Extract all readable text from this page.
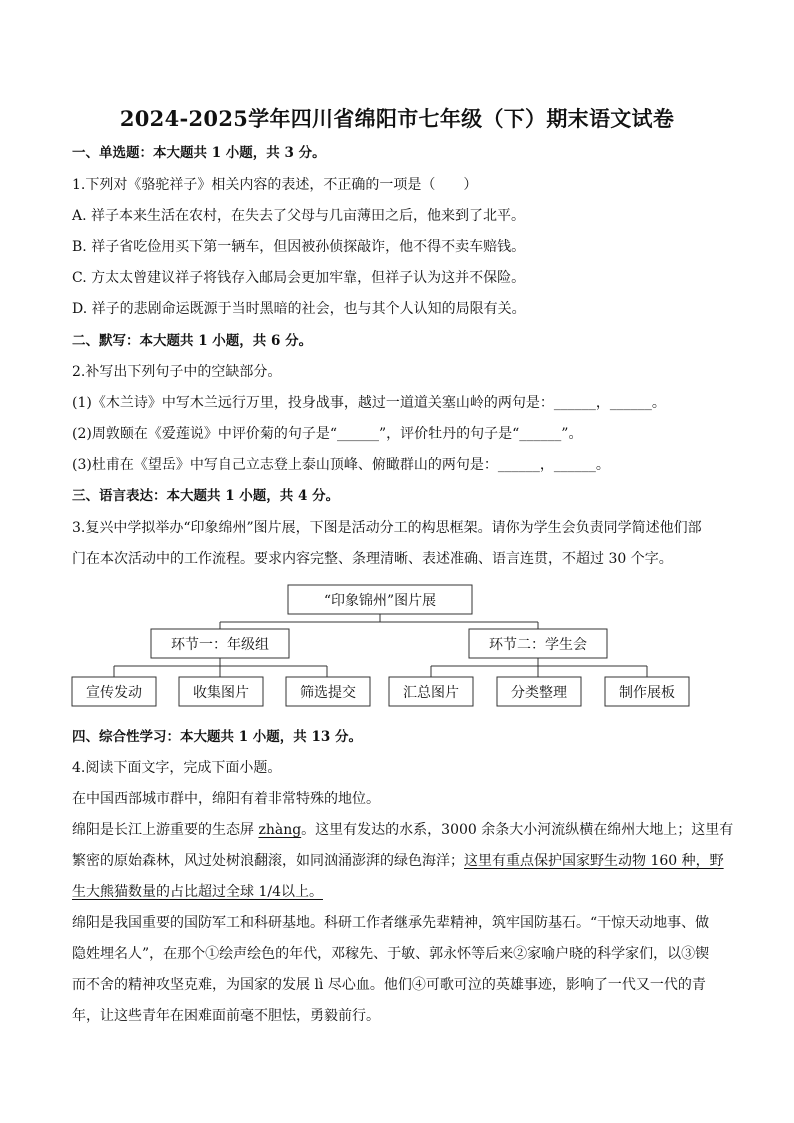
2024-2025学年四川省绵阳市七年级（下）期末语文试卷
一、单选题：本大题共 1 小题，共 3 分。
1.下列对《骆驼祥子》相关内容的表述，不正确的一项是（　　）
A. 祥子本来生活在农村，在失去了父母与几亩薄田之后，他来到了北平。
B. 祥子省吃俭用买下第一辆车，但因被孙侦探敲诈，他不得不卖车赔钱。
C. 方太太曾建议祥子将钱存入邮局会更加牢靠，但祥子认为这并不保险。
D. 祥子的悲剧命运既源于当时黑暗的社会，也与其个人认知的局限有关。
二、默写：本大题共 1 小题，共 6 分。
2.补写出下列句子中的空缺部分。
(1)《木兰诗》中写木兰远行万里，投身战事，越过一道道关塞山岭的两句是：______，______。
(2)周敦颐在《爱莲说》中评价菊的句子是“______”，评价牡丹的句子是“______”。
(3)杜甫在《望岳》中写自己立志登上泰山顶峰、俯瞰群山的两句是：______，______。
三、语言表达：本大题共 1 小题，共 4 分。
3.复兴中学拟举办“印象绵州”图片展，下图是活动分工的构思框架。请你为学生会负责同学简述他们部
门在本次活动中的工作流程。要求内容完整、条理清晰、表述准确、语言连贯，不超过 30 个字。
“印象锦州”图片展
环节一：年级组	环节二：学生会
宣传发动	收集图片	筛选提交	汇总图片	分类整理	制作展板
四、综合性学习：本大题共 1 小题，共 13 分。
4.阅读下面文字，完成下面小题。
在中国西部城市群中，绵阳有着非常特殊的地位。
绵阳是长江上游重要的生态屏 zhàng。这里有发达的水系，3000 余条大小河流纵横在绵州大地上；这里有
繁密的原始森林，风过处树浪翻滚，如同汹涌澎湃的绿色海洋；这里有重点保护国家野生动物 160 种，野
生大熊猫数量的占比超过全球 1/4以上。
绵阳是我国重要的国防军工和科研基地。科研工作者继承先辈精神，筑牢国防基石。“干惊天动地事、做
隐姓埋名人”，在那个①绘声绘色的年代，邓稼先、于敏、郭永怀等后来②家喻户晓的科学家们，以③锲
而不舍的精神攻坚克难，为国家的发展 lì 尽心血。他们④可歌可泣的英雄事迹，影响了一代又一代的青
年，让这些青年在困难面前毫不胆怯，勇毅前行。
